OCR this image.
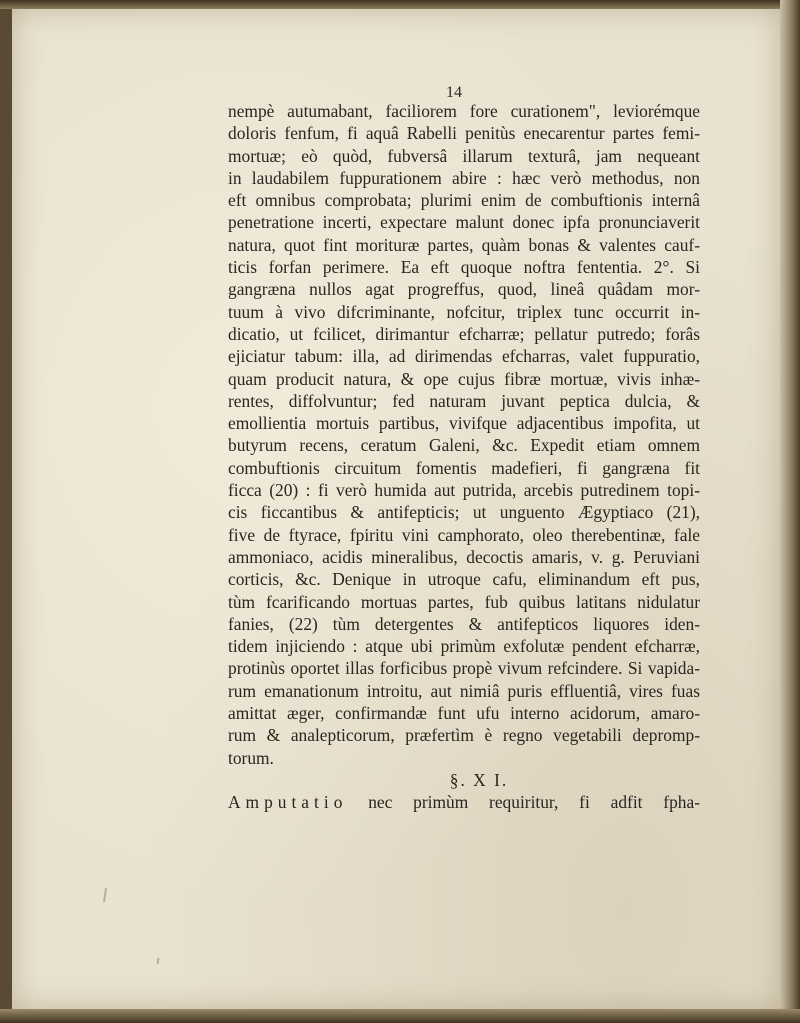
14
nempè autumabant, faciliorem fore curationem", leviorémque
doloris fenfum, fi aquâ Rabelli penitùs enecarentur partes femi-
mortuæ; eò quòd, fubversâ illarum texturâ, jam nequeant
in laudabilem fuppurationem abire : hæc verò methodus, non
eft omnibus comprobata; plurimi enim de combuftionis internâ
penetratione incerti, expectare malunt donec ipfa pronunciaverit
natura, quot fint morituræ partes, quàm bonas & valentes cauf-
ticis forfan perimere. Ea eft quoque noftra fententia. 2°. Si
gangræna nullos agat progreffus, quod, lineâ quâdam mor-
tuum à vivo difcriminante, nofcitur, triplex tunc occurrit in-
dicatio, ut fcilicet, dirimantur efcharræ; pellatur putredo; forâs
ejiciatur tabum: illa, ad dirimendas efcharras, valet fuppuratio,
quam producit natura, & ope cujus fibræ mortuæ, vivis inhæ-
rentes, diffolvuntur; fed naturam juvant peptica dulcia, &
emollientia mortuis partibus, vivifque adjacentibus impofita, ut
butyrum recens, ceratum Galeni, &c. Expedit etiam omnem
combuftionis circuitum fomentis madefieri, fi gangræna fit
ficca (20) : fi verò humida aut putrida, arcebis putredinem topi-
cis ficcantibus & antifepticis; ut unguento Ægyptiaco (21),
five de ftyrace, fpiritu vini camphorato, oleo therebentinæ, fale
ammoniaco, acidis mineralibus, decoctis amaris, v. g. Peruviani
corticis, &c. Denique in utroque cafu, eliminandum eft pus,
tùm fcarificando mortuas partes, fub quibus latitans nidulatur
fanies, (22) tùm detergentes & antifepticos liquores iden-
tidem injiciendo : atque ubi primùm exfolutæ pendent efcharræ,
protinùs oportet illas forficibus propè vivum refcindere. Si vapida-
rum emanationum introitu, aut nimiâ puris effluentiâ, vires fuas
amittat æger, confirmandæ funt ufu interno acidorum, amaro-
rum & analepticorum, præfertìm è regno vegetabili depromp-
torum.
§. X I.
Amputatio nec primùm requiritur, fi adfit fpha-
